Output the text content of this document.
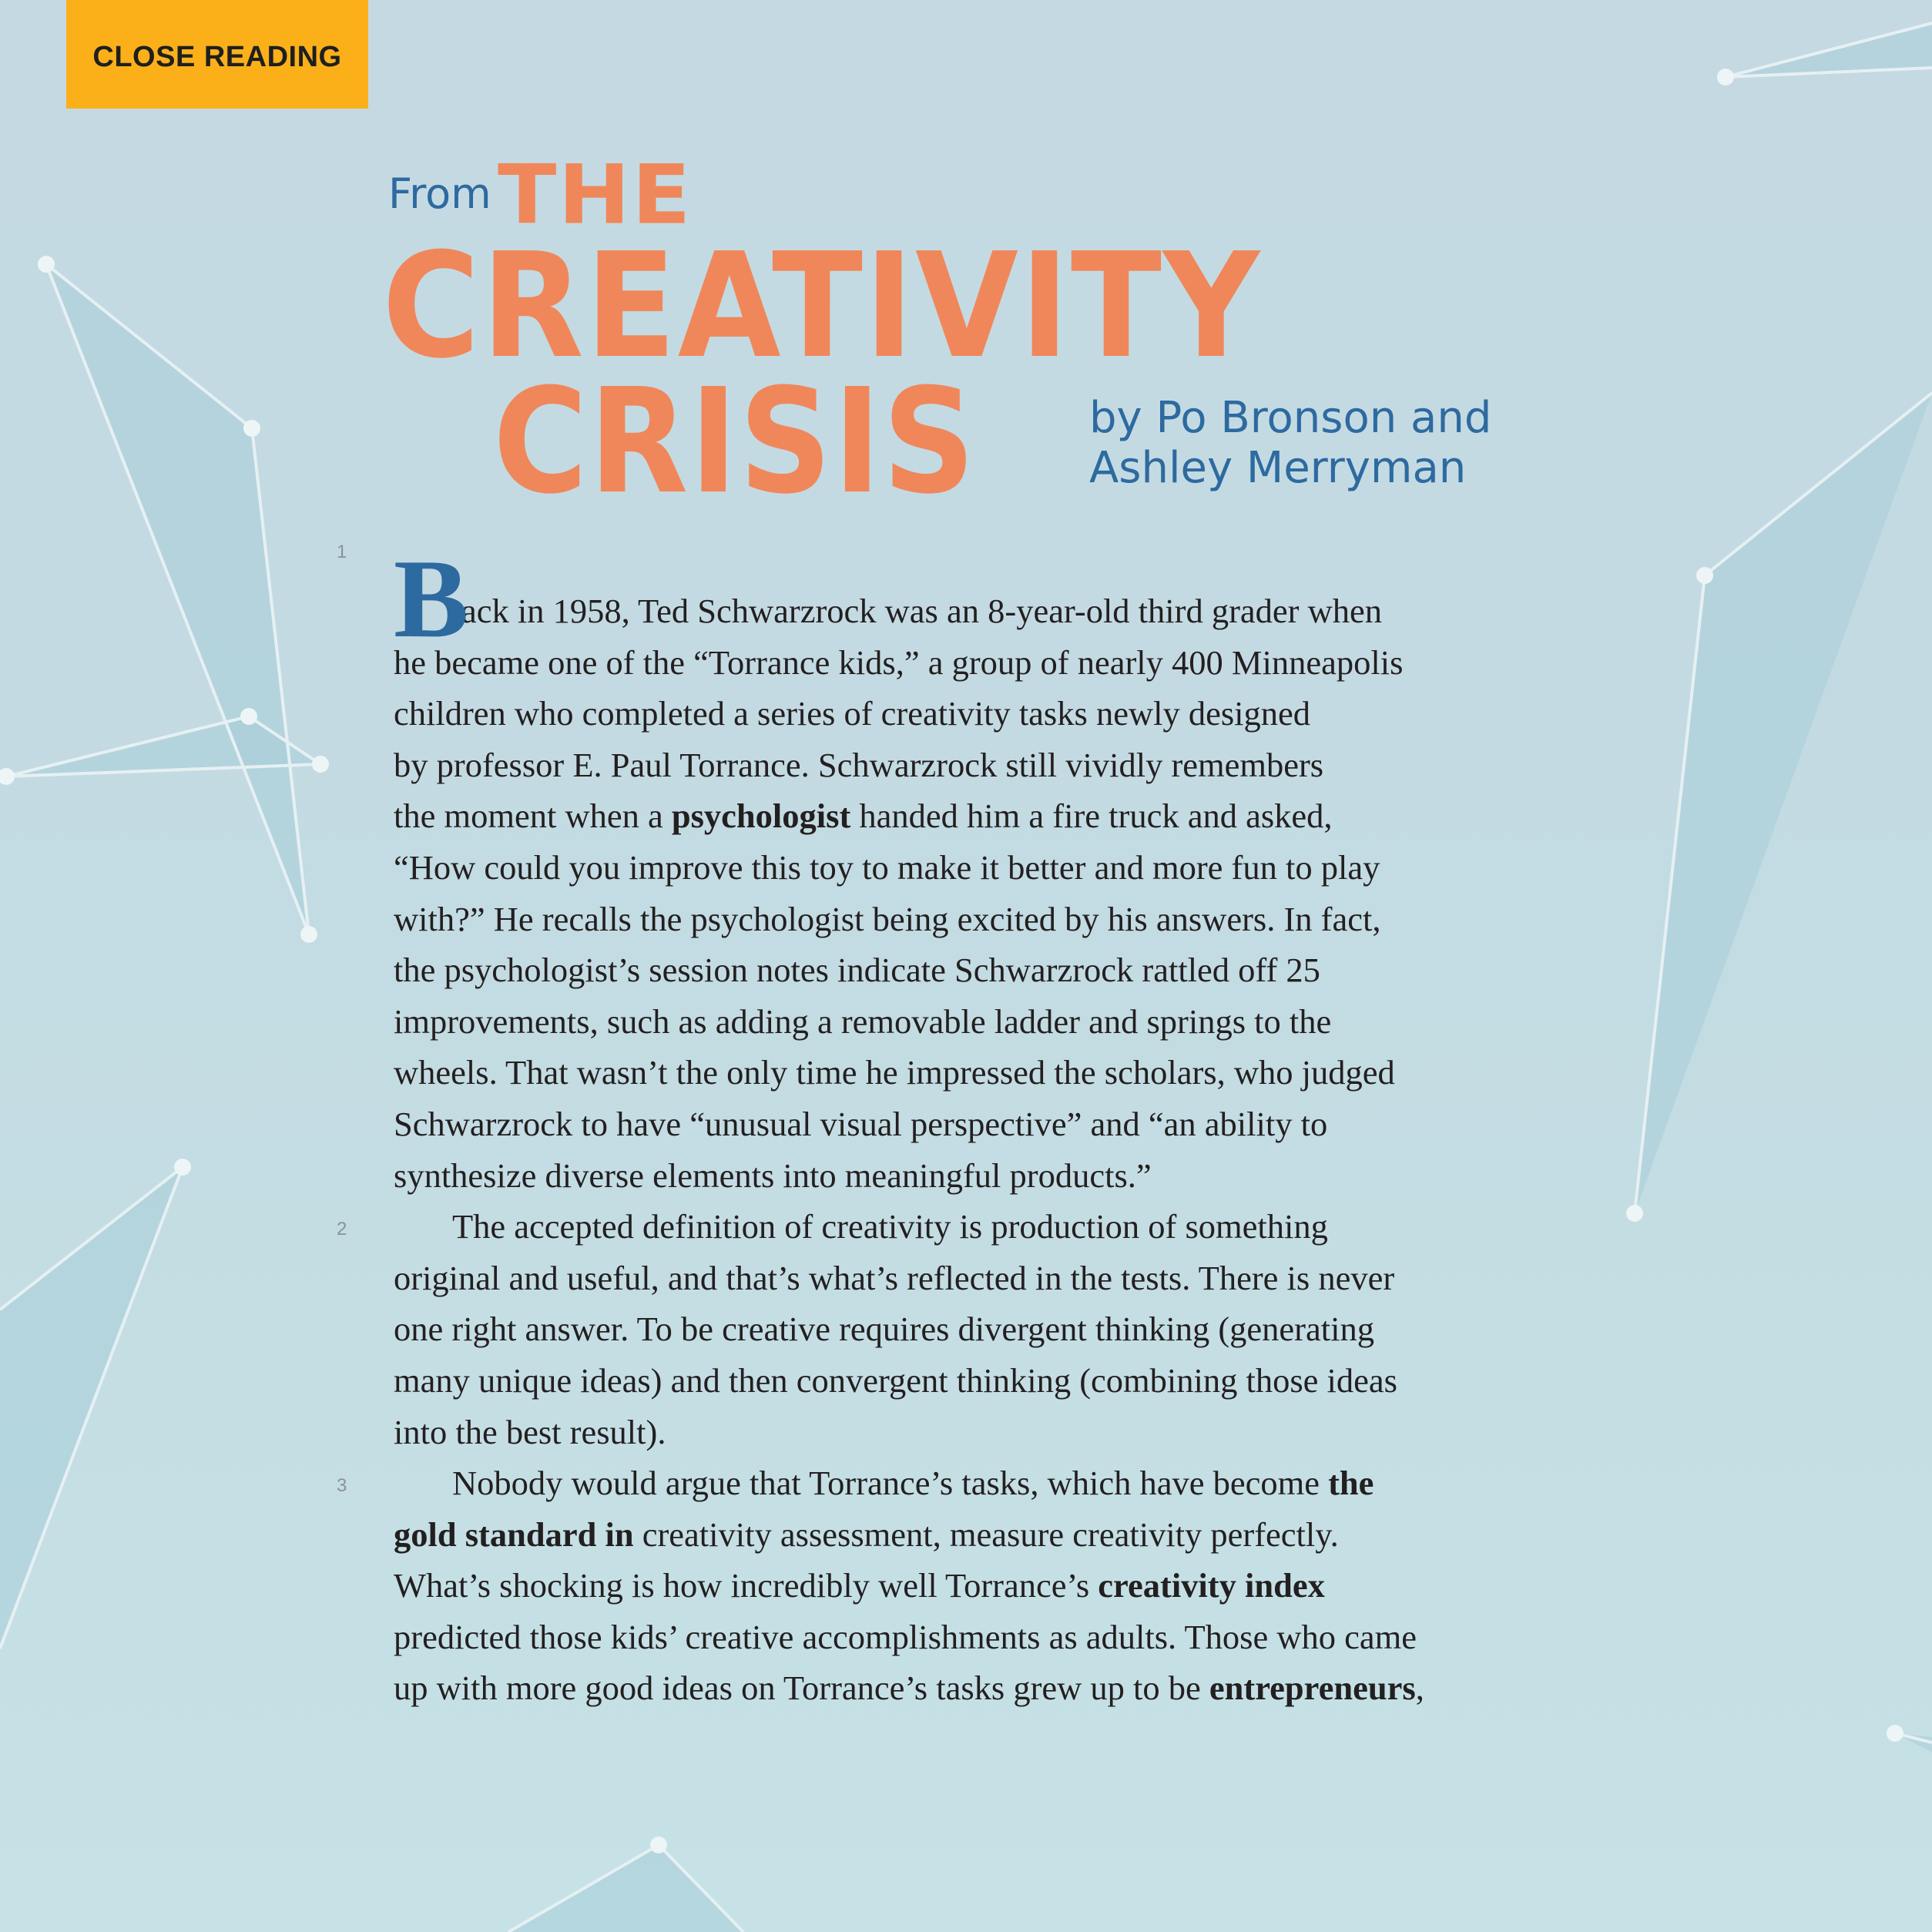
CLOSE READING
From THE
CREATIVITY
CRISIS	by Po Bronson and
Ashley Merryman
1 B
ack in 1958, Ted Schwarzrock was an 8-year-old third grader when
he became one of the “Torrance kids,” a group of nearly 400 Minneapolis
children who completed a series of creativity tasks newly designed
by professor E. Paul Torrance. Schwarzrock still vividly remembers
the moment when a psychologist handed him a fire truck and asked,
“How could you improve this toy to make it better and more fun to play
with?” He recalls the psychologist being excited by his answers. In fact,
the psychologist’s session notes indicate Schwarzrock rattled off 25
improvements, such as adding a removable ladder and springs to the
wheels. That wasn’t the only time he impressed the scholars, who judged
Schwarzrock to have “unusual visual perspective” and “an ability to
synthesize diverse elements into meaningful products.”
2	The accepted definition of creativity is production of something
original and useful, and that’s what’s reflected in the tests. There is never
one right answer. To be creative requires divergent thinking (generating
many unique ideas) and then convergent thinking (combining those ideas
into the best result).
3	Nobody would argue that Torrance’s tasks, which have become the
gold standard in creativity assessment, measure creativity perfectly.
What’s shocking is how incredibly well Torrance’s creativity index
predicted those kids’ creative accomplishments as adults. Those who came
up with more good ideas on Torrance’s tasks grew up to be entrepreneurs,
